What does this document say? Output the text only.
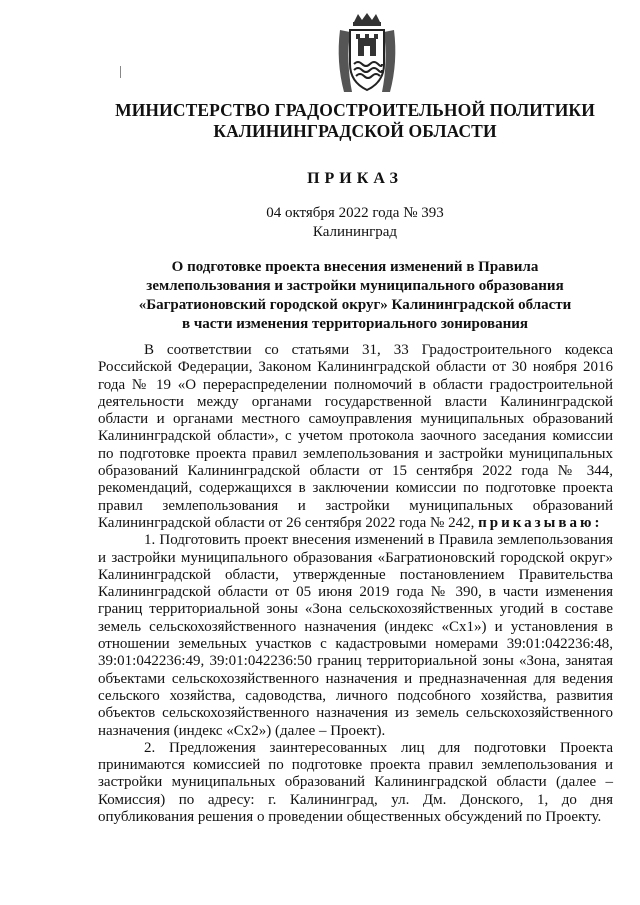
МИНИСТЕРСТВО ГРАДОСТРОИТЕЛЬНОЙ ПОЛИТИКИ
КАЛИНИНГРАДСКОЙ ОБЛАСТИ
ПРИКАЗ
04 октября 2022 года № 393
Калининград
О подготовке проекта внесения изменений в Правила
землепользования и застройки муниципального образования
«Багратионовский городской округ» Калининградской области
в части изменения территориального зонирования

В соответствии со статьями 31, 33 Градостроительного кодекса Российской Федерации, Законом Калининградской области от 30 ноября 2016 года № 19 «О перераспределении полномочий в области градостроительной деятельности между органами государственной власти Калининградской области и органами местного самоуправления муниципальных образований Калининградской области», с учетом протокола заочного заседания комиссии по подготовке проекта правил землепользования и застройки муниципальных образований Калининградской области от 15 сентября 2022 года № 344, рекомендаций, содержащихся в заключении комиссии по подготовке проекта правил землепользования и застройки муниципальных образований Калининградской области от 26 сентября 2022 года № 242, приказываю:

1. Подготовить проект внесения изменений в Правила землепользования и застройки муниципального образования «Багратионовский городской округ» Калининградской области, утвержденные постановлением Правительства Калининградской области от 05 июня 2019 года № 390, в части изменения границ территориальной зоны «Зона сельскохозяйственных угодий в составе земель сельскохозяйственного назначения (индекс «Сх1») и установления в отношении земельных участков с кадастровыми номерами 39:01:042236:48, 39:01:042236:49, 39:01:042236:50 границ территориальной зоны «Зона, занятая объектами сельскохозяйственного назначения и предназначенная для ведения сельского хозяйства, садоводства, личного подсобного хозяйства, развития объектов сельскохозяйственного назначения из земель сельскохозяйственного назначения (индекс «Сх2») (далее – Проект).

2. Предложения заинтересованных лиц для подготовки Проекта принимаются комиссией по подготовке проекта правил землепользования и застройки муниципальных образований Калининградской области (далее – Комиссия) по адресу: г. Калининград, ул. Дм. Донского, 1, до дня опубликования решения о проведении общественных обсуждений по Проекту.
